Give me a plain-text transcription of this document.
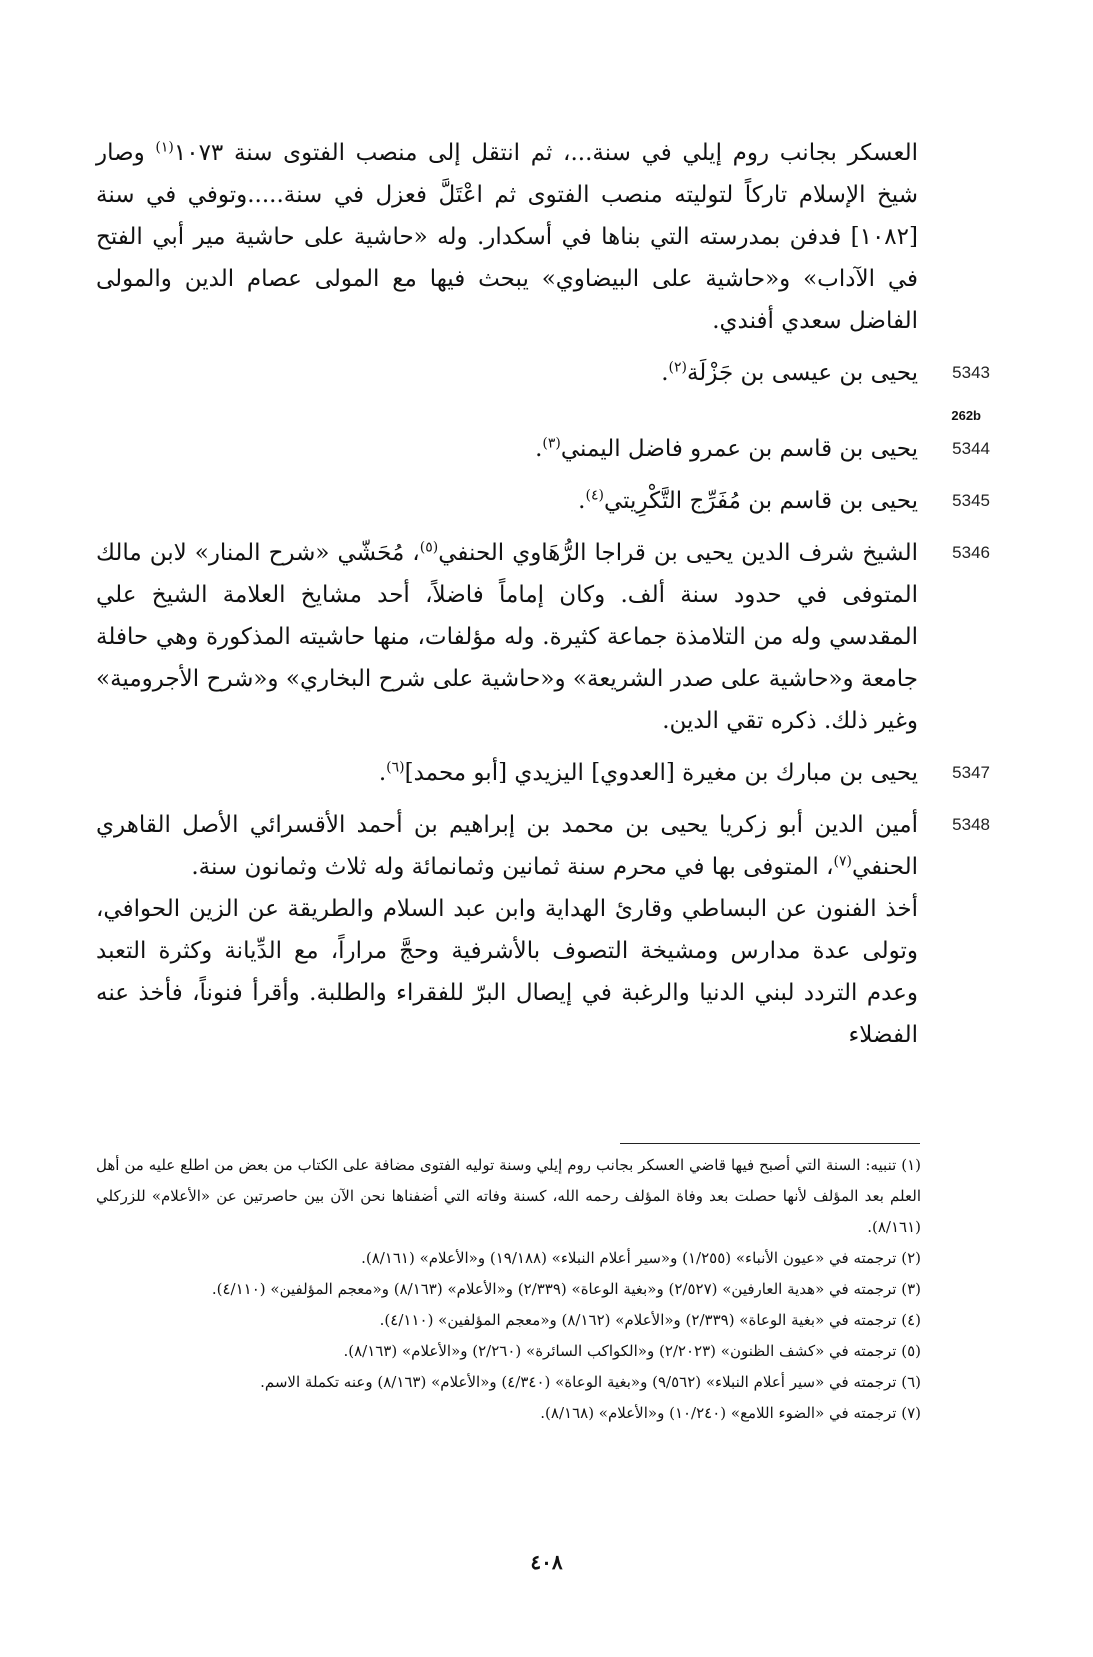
العسكر بجانب روم إيلي في سنة...، ثم انتقل إلى منصب الفتوى سنة ١٠٧٣$^{(١)}$ وصار شيخ الإسلام تاركاً لتوليته منصب الفتوى ثم اعْتَلَّ فعزل في سنة.....وتوفي في سنة [١٠٨٢] فدفن بمدرسته التي بناها في أسكدار. وله «حاشية على حاشية مير أبي الفتح في الآداب» و«حاشية على البيضاوي» يبحث فيها مع المولى عصام الدين والمولى الفاضل سعدي أفندي.

5343
يحيى بن عيسى بن جَزْلَة$^{(٢)}$.

5344
يحيى بن قاسم بن عمرو فاضل اليمني$^{(٣)}$.

5345
يحيى بن قاسم بن مُفَرِّج التَّكْرِيتي$^{(٤)}$.

5346
الشيخ شرف الدين يحيى بن قراجا الرُّهَاوي الحنفي$^{(٥)}$، مُحَشّي «شرح المنار» لابن مالك المتوفى في حدود سنة ألف. وكان إماماً فاضلاً، أحد مشايخ العلامة الشيخ علي المقدسي وله من التلامذة جماعة كثيرة. وله مؤلفات، منها حاشيته المذكورة وهي حافلة جامعة و«حاشية على صدر الشريعة» و«حاشية على شرح البخاري» و«شرح الأجرومية» وغير ذلك. ذكره تقي الدين.

5347
يحيى بن مبارك بن مغيرة [العدوي] اليزيدي [أبو محمد]$^{(٦)}$.

5348
أمين الدين أبو زكريا يحيى بن محمد بن إبراهيم بن أحمد الأقسرائي الأصل القاهري الحنفي$^{(٧)}$، المتوفى بها في محرم سنة ثمانين وثمانمائة وله ثلاث وثمانون سنة.

أخذ الفنون عن البساطي وقارئ الهداية وابن عبد السلام والطريقة عن الزين الحوافي، وتولى عدة مدارس ومشيخة التصوف بالأشرفية وحجَّ مراراً، مع الدِّيانة وكثرة التعبد وعدم التردد لبني الدنيا والرغبة في إيصال البرّ للفقراء والطلبة. وأقرأ فنوناً، فأخذ عنه الفضلاء

262b

(١) تنبيه: السنة التي أصبح فيها قاضي العسكر بجانب روم إيلي وسنة توليه الفتوى مضافة على الكتاب من بعض من اطلع عليه من أهل العلم بعد المؤلف لأنها حصلت بعد وفاة المؤلف رحمه الله، كسنة وفاته التي أضفناها نحن الآن بين حاصرتين عن «الأعلام» للزركلي (٨/١٦١).

(٢) ترجمته في «عيون الأنباء» (١/٢٥٥) و«سير أعلام النبلاء» (١٩/١٨٨) و«الأعلام» (٨/١٦١).

(٣) ترجمته في «هدية العارفين» (٢/٥٢٧) و«بغية الوعاة» (٢/٣٣٩) و«الأعلام» (٨/١٦٣) و«معجم المؤلفين» (٤/١١٠).

(٤) ترجمته في «بغية الوعاة» (٢/٣٣٩) و«الأعلام» (٨/١٦٢) و«معجم المؤلفين» (٤/١١٠).

(٥) ترجمته في «كشف الظنون» (٢/٢٠٢٣) و«الكواكب السائرة» (٢/٢٦٠) و«الأعلام» (٨/١٦٣).

(٦) ترجمته في «سير أعلام النبلاء» (٩/٥٦٢) و«بغية الوعاة» (٤/٣٤٠) و«الأعلام» (٨/١٦٣) وعنه تكملة الاسم.

(٧) ترجمته في «الضوء اللامع» (١٠/٢٤٠) و«الأعلام» (٨/١٦٨).

٤٠٨
